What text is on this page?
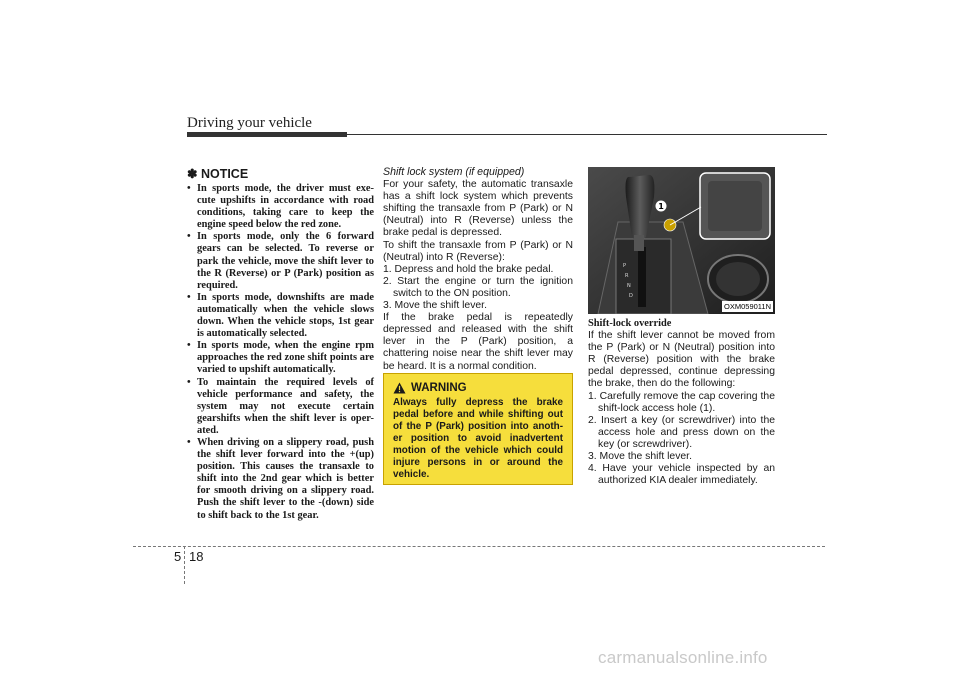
Driving your vehicle
✽ NOTICE
• In sports mode, the driver must exe-cute upshifts in accordance with road conditions, taking care to keep the engine speed below the red zone.
• In sports mode, only the 6 forward gears can be selected. To reverse or park the vehicle, move the shift lever to the R (Reverse) or P (Park) position as required.
• In sports mode, downshifts are made automatically when the vehicle slows down. When the vehicle stops, 1st gear is automatically selected.
• In sports mode, when the engine rpm approaches the red zone shift points are varied to upshift automatically.
• To maintain the required levels of vehicle performance and safety, the system may not execute certain gearshifts when the shift lever is oper-ated.
• When driving on a slippery road, push the shift lever forward into the +(up) position. This causes the transaxle to shift into the 2nd gear which is better for smooth driving on a slippery road. Push the shift lever to the -(down) side to shift back to the 1st gear.
Shift lock system (if equipped)

For your safety, the automatic transaxle has a shift lock system which prevents shifting the transaxle from P (Park) or N (Neutral) into R (Reverse) unless the brake pedal is depressed.

To shift the transaxle from P (Park) or N (Neutral) into R (Reverse):

1. Depress and hold the brake pedal.

2. Start the engine or turn the ignition switch to the ON position.

3. Move the shift lever.

If the brake pedal is repeatedly depressed and released with the shift lever in the P (Park) position, a chattering noise near the shift lever may be heard. It is a normal condition.

WARNING
Always fully depress the brake pedal before and while shifting out of the P (Park) position into anoth-er position to avoid inadvertent motion of the vehicle which could injure persons in or around the vehicle.
1
P
R
N
D
OXM059011N
Shift-lock override

If the shift lever cannot be moved from the P (Park) or N (Neutral) position into R (Reverse) position with the brake pedal depressed, continue depressing the brake, then do the following:

1. Carefully remove the cap covering the shift-lock access hole (1).

2. Insert a key (or screwdriver) into the access hole and press down on the key (or screwdriver).

3. Move the shift lever.

4. Have your vehicle inspected by an authorized KIA dealer immediately.

5 18
carmanualsonline.info
